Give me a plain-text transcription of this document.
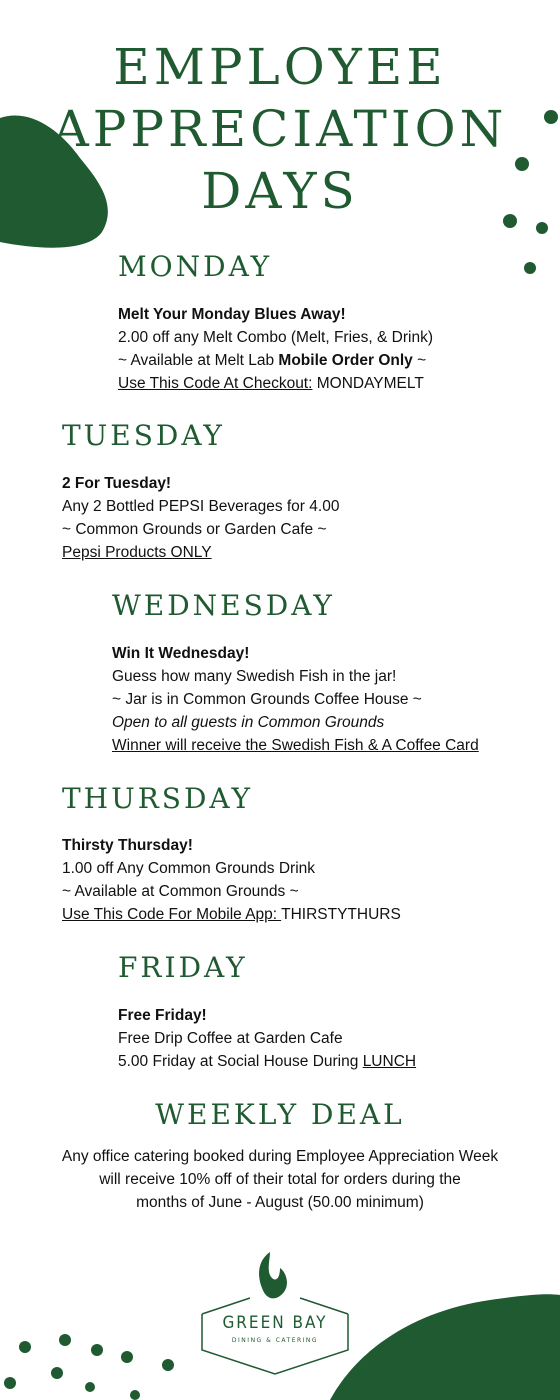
EMPLOYEE
APPRECIATION
DAYS
MONDAY
Melt Your Monday Blues Away!
2.00 off any Melt Combo (Melt, Fries, & Drink)
~ Available at Melt Lab Mobile Order Only ~
Use This Code At Checkout: MONDAYMELT
TUESDAY
2 For Tuesday!
Any 2 Bottled PEPSI Beverages for 4.00
~ Common Grounds or Garden Cafe ~
Pepsi Products ONLY
WEDNESDAY
Win It Wednesday!
Guess how many Swedish Fish in the jar!
~ Jar is in Common Grounds Coffee House ~
Open to all guests in Common Grounds
Winner will receive the Swedish Fish & A Coffee Card
THURSDAY
Thirsty Thursday!
1.00 off Any Common Grounds Drink
~ Available at Common Grounds ~
Use This Code For Mobile App: THIRSTYTHURS
FRIDAY
Free Friday!
Free Drip Coffee at Garden Cafe
5.00 Friday at Social House During LUNCH
WEEKLY DEAL
Any office catering booked during Employee Appreciation Week
will receive 10% off of their total for orders during the
months of June - August (50.00 minimum)
GREEN BAY
DINING & CATERING
